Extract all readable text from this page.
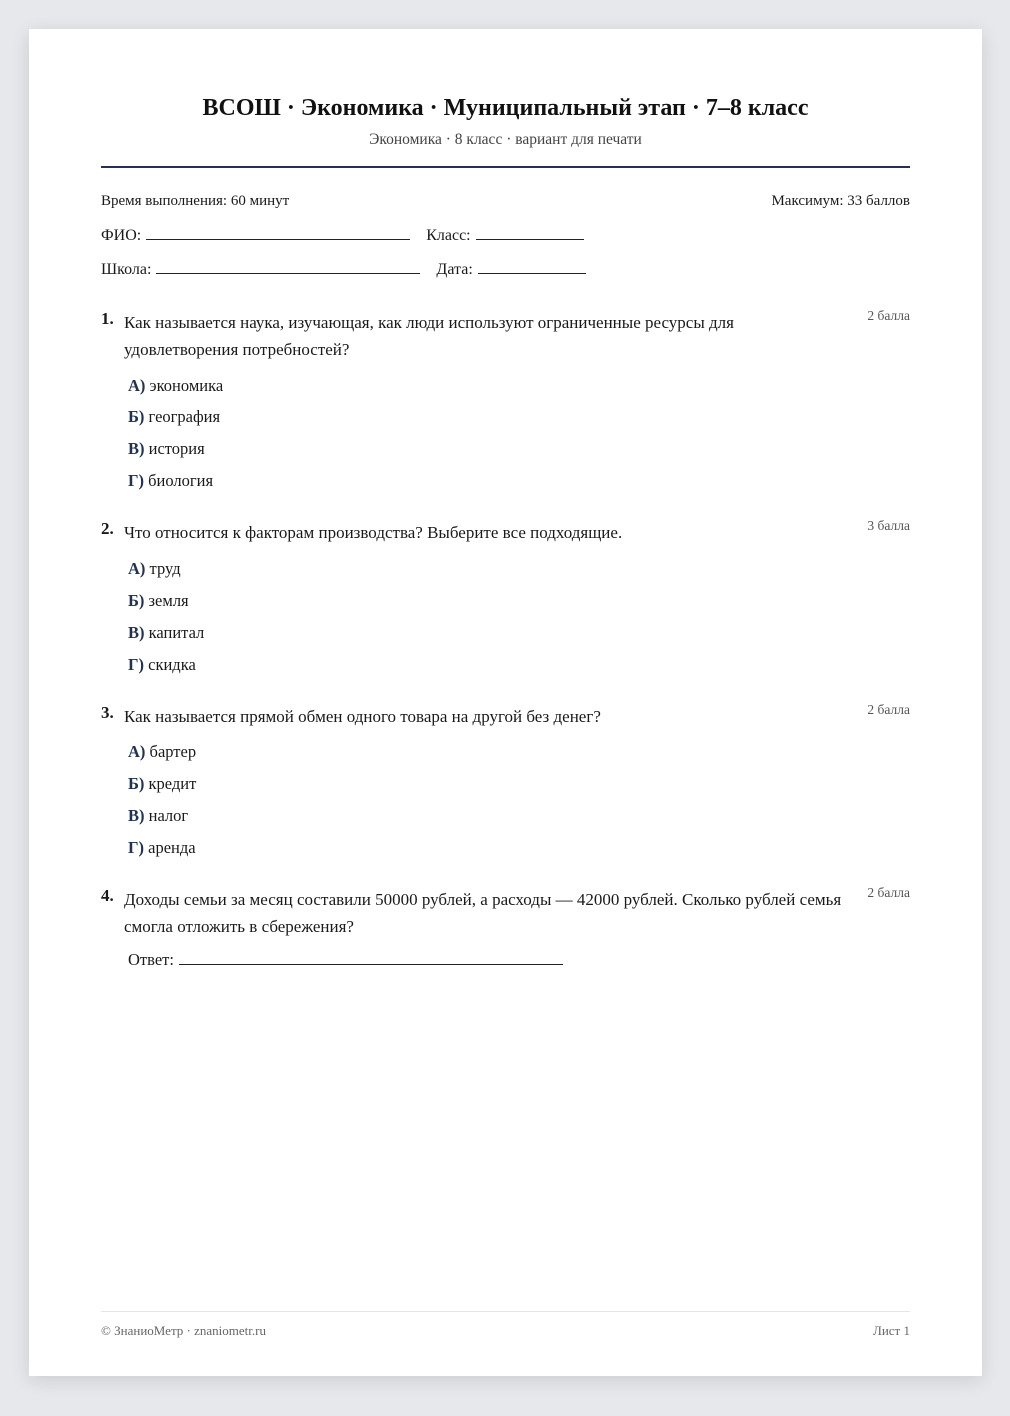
ВСОШ · Экономика · Муниципальный этап · 7–8 класс
Экономика · 8 класс · вариант для печати
Время выполнения: 60 минут	Максимум: 33 баллов
ФИО:	Класс:
Школа:	Дата:
1. Как называется наука, изучающая, как люди используют ограниченные ресурсы для удовлетворения потребностей?
2 балла
А) экономика
Б) география
В) история
Г) биология
2. Что относится к факторам производства? Выберите все подходящие.	3 балла
А) труд
Б) земля
В) капитал
Г) скидка
3. Как называется прямой обмен одного товара на другой без денег?	2 балла
А) бартер
Б) кредит
В) налог
Г) аренда
4. Доходы семьи за месяц составили 50000 рублей, а расходы — 42000 рублей. Сколько рублей семья смогла отложить в сбережения?
2 балла
Ответ:
© ЗнаниоМетр · znaniometr.ru	Лист 1
